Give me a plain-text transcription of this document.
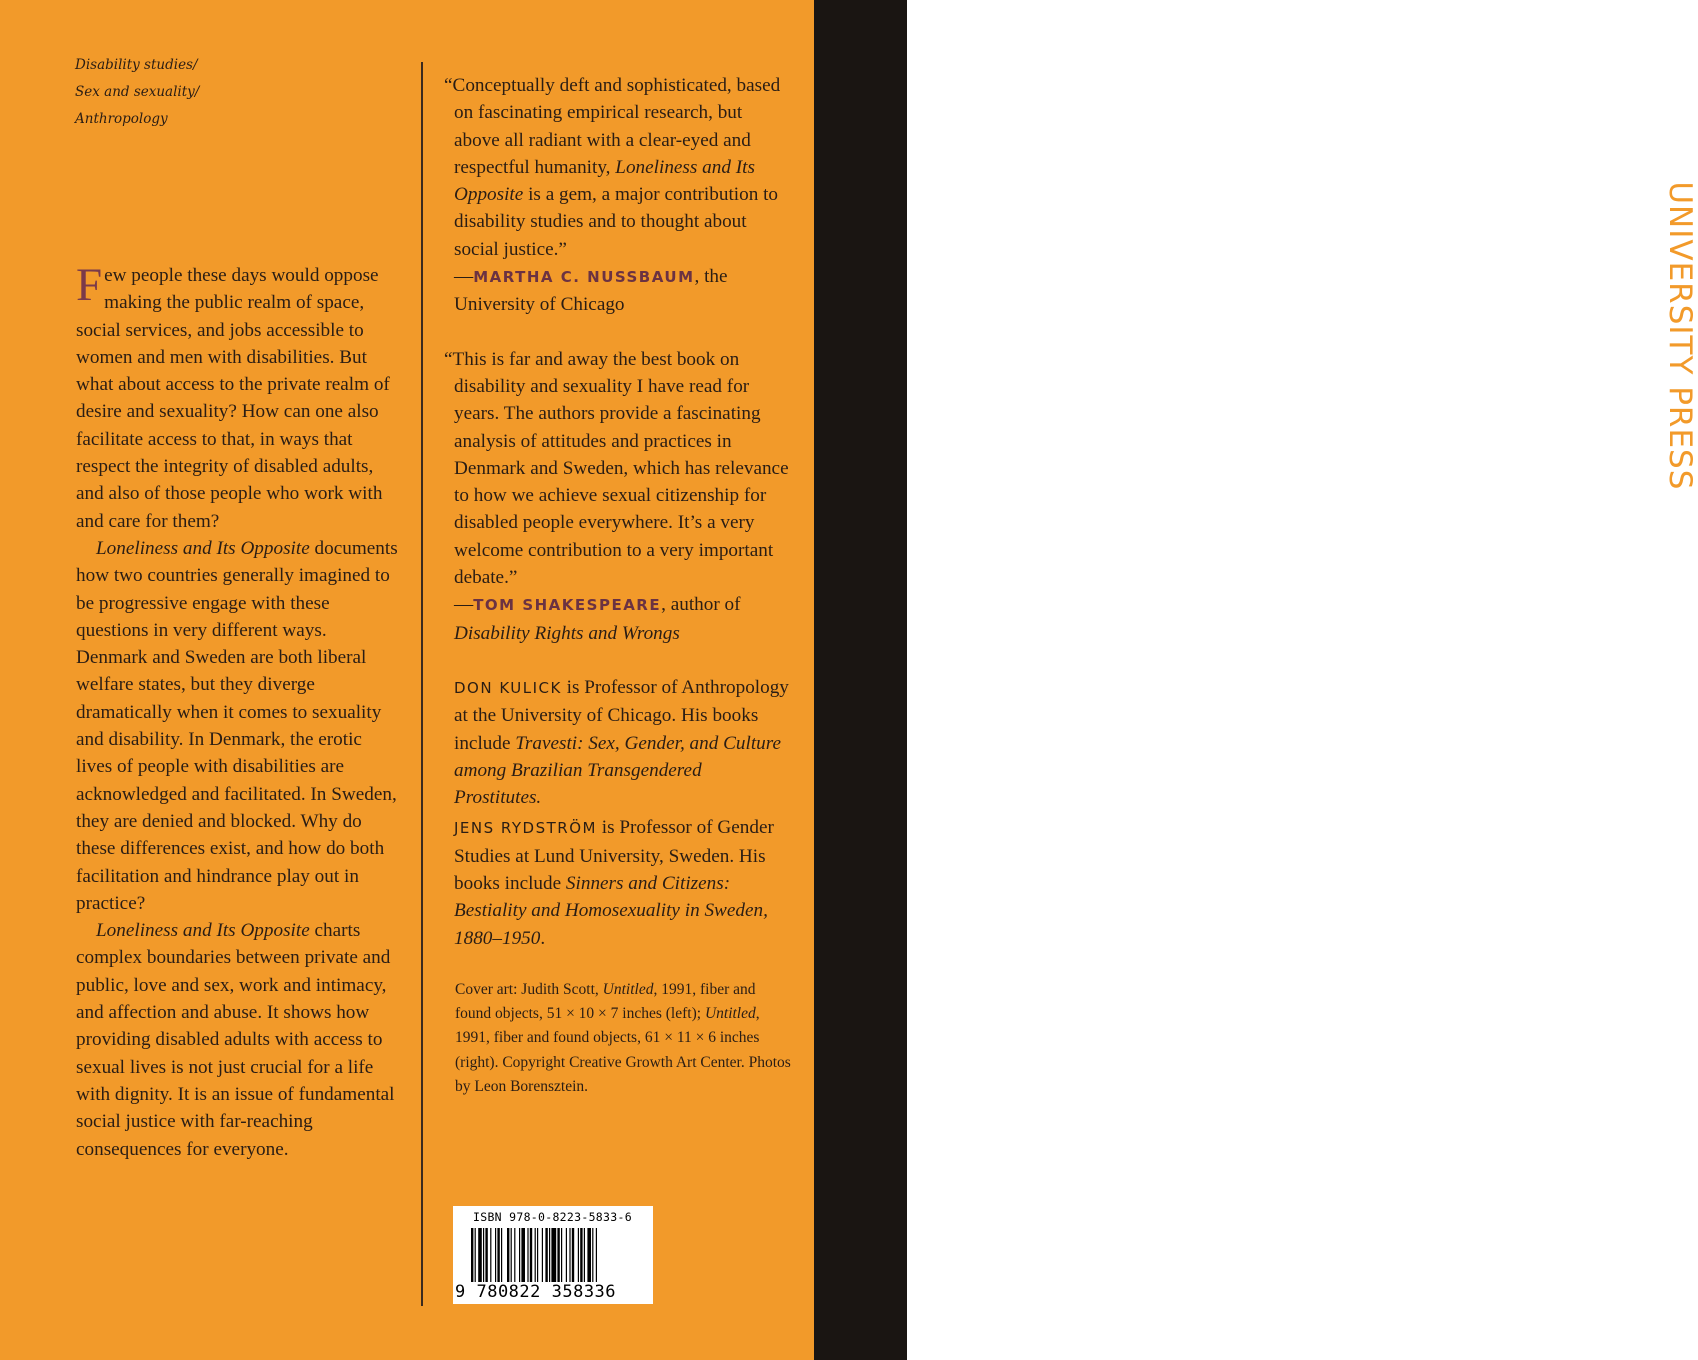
DUKE UNIVERSITY PRESS
WWW.DUKEUPRESS.EDU
Disability studies/
Sex and sexuality/
Anthropology

Few people these days would oppose making the public realm of space, social services, and jobs accessible to women and men with disabilities. But what about access to the private realm of desire and sexuality? How can one also facilitate access to that, in ways that respect the integrity of disabled adults, and also of those people who work with and care for them?

Loneliness and Its Opposite documents how two countries generally imagined to be progressive engage with these questions in very different ways. Denmark and Sweden are both liberal welfare states, but they diverge dramatically when it comes to sexuality and disability. In Denmark, the erotic lives of people with disabilities are acknowledged and facilitated. In Sweden, they are denied and blocked. Why do these differences exist, and how do both facilitation and hindrance play out in practice?

Loneliness and Its Opposite charts complex boundaries between private and public, love and sex, work and intimacy, and affection and abuse. It shows how providing disabled adults with access to sexual lives is not just crucial for a life with dignity. It is an issue of fundamental social justice with far-reaching consequences for everyone.

“Conceptually deft and sophisticated, based on fascinating empirical research, but above all radiant with a clear-eyed and respectful humanity, Loneliness and Its Opposite is a gem, a major contribution to disability studies and to thought about social justice.”

—MARTHA C. NUSSBAUM, the University of Chicago

“This is far and away the best book on disability and sexuality I have read for years. The authors provide a fascinating analysis of attitudes and practices in Denmark and Sweden, which has relevance to how we achieve sexual citizenship for disabled people everywhere. It’s a very welcome contribution to a very important debate.”

—TOM SHAKESPEARE, author of Disability Rights and Wrongs

DON KULICK is Professor of Anthropology at the University of Chicago. His books include Travesti: Sex, Gender, and Culture among Brazilian Transgendered Prostitutes.

JENS RYDSTRÖM is Professor of Gender Studies at Lund University, Sweden. His books include Sinners and Citizens: Bestiality and Homosexuality in Sweden, 1880–1950.

Cover art: Judith Scott, Untitled, 1991, fiber and found objects, 51 × 10 × 7 inches (left); Untitled, 1991, fiber and found objects, 61 × 11 × 6 inches (right). Copyright Creative Growth Art Center. Photos by Leon Borensztein.
ISBN 978-0-8223-5833-6
9 780822 358336
